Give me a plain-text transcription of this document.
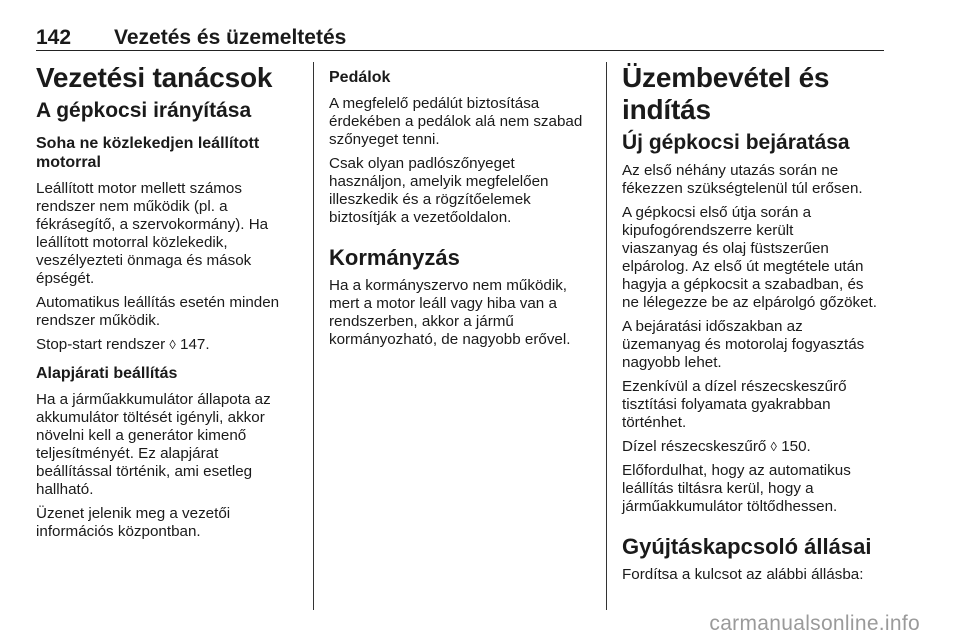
142 Vezetés és üzemeltetés
Vezetési tanácsok
A gépkocsi irányítása
Soha ne közlekedjen leállított
motorral

Leállított motor mellett számos
rendszer nem működik (pl. a
fékrásegítő, a szervokormány). Ha
leállított motorral közlekedik,
veszélyezteti önmaga és mások
épségét.

Automatikus leállítás esetén minden
rendszer működik.

Stop-start rendszer ◊ 147.

Alapjárati beállítás

Ha a járműakkumulátor állapota az
akkumulátor töltését igényli, akkor
növelni kell a generátor kimenő
teljesítményét. Ez alapjárat
beállítással történik, ami esetleg
hallható.

Üzenet jelenik meg a vezetői
információs központban.

Pedálok

A megfelelő pedálút biztosítása
érdekében a pedálok alá nem szabad
szőnyeget tenni.

Csak olyan padlószőnyeget
használjon, amelyik megfelelően
illeszkedik és a rögzítőelemek
biztosítják a vezetőoldalon.

Kormányzás

Ha a kormányszervo nem működik,
mert a motor leáll vagy hiba van a
rendszerben, akkor a jármű
kormányozható, de nagyobb erővel.

Üzembevétel és indítás
Új gépkocsi bejáratása

Az első néhány utazás során ne
fékezzen szükségtelenül túl erősen.

A gépkocsi első útja során a
kipufogórendszerre került
viaszanyag és olaj füstszerűen
elpárolog. Az első út megtétele után
hagyja a gépkocsit a szabadban, és
ne lélegezze be az elpárolgó gőzöket.

A bejáratási időszakban az
üzemanyag és motorolaj fogyasztás
nagyobb lehet.

Ezenkívül a dízel részecskeszűrő
tisztítási folyamata gyakrabban
történhet.

Dízel részecskeszűrő ◊ 150.

Előfordulhat, hogy az automatikus
leállítás tiltásra kerül, hogy a
járműakkumulátor töltődhessen.

Gyújtáskapcsoló állásai

Fordítsa a kulcsot az alábbi állásba:

carmanualsonline.info
